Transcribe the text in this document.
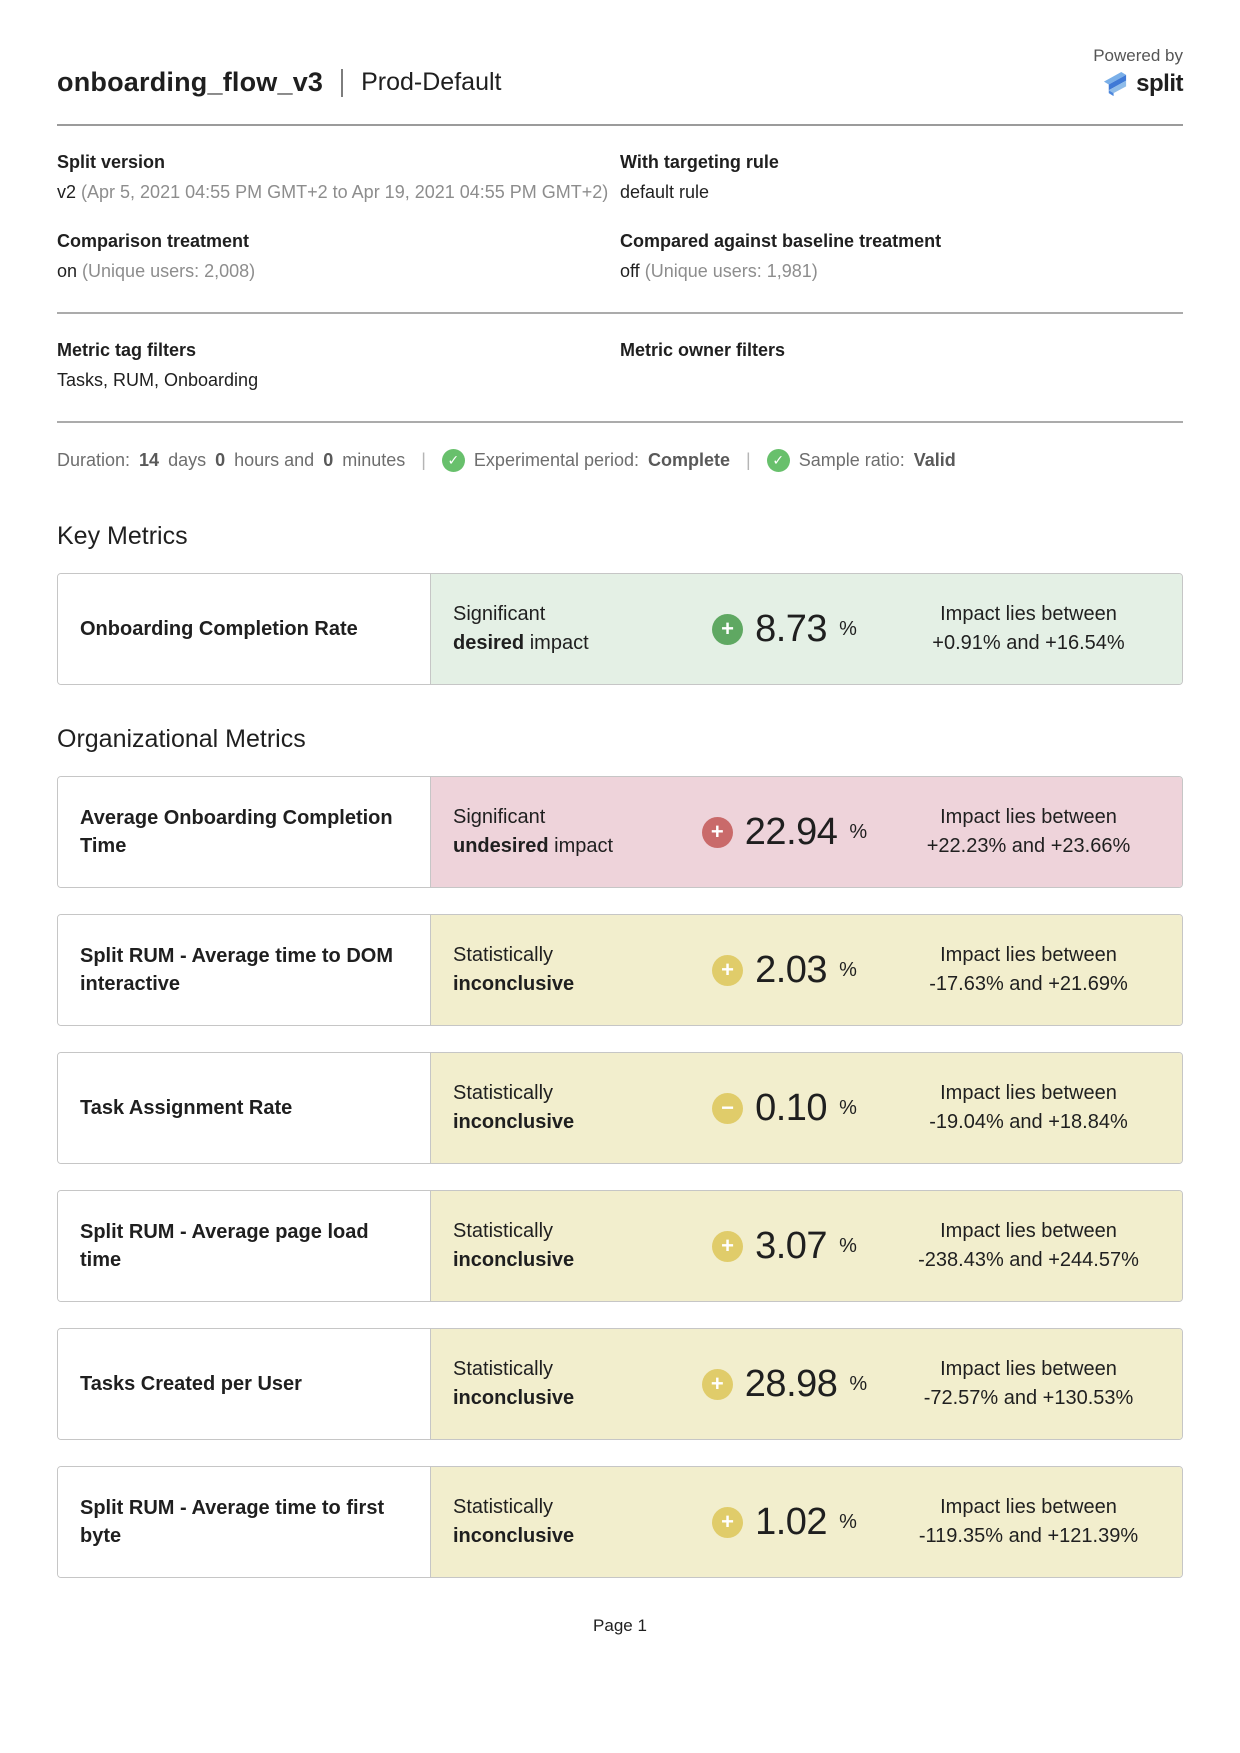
onboarding_flow_v3 Prod-Default
Powered by
split
Split version
v2 (Apr 5, 2021 04:55 PM GMT+2 to Apr 19, 2021 04:55 PM GMT+2)
With targeting rule
default rule
Comparison treatment
on (Unique users: 2,008)
Compared against baseline treatment
off (Unique users: 1,981)
Metric tag filters
Tasks, RUM, Onboarding
Metric owner filters
Duration: 14 days 0 hours and 0 minutes |	✓ Experimental period: Complete |	✓ Sample ratio: Valid
Key Metrics
Onboarding Completion Rate
Significant
desired impact
+ 8.73 %
Impact lies between
+0.91% and +16.54%
Organizational Metrics
Average Onboarding Completion Time
Significant
undesired impact
+ 22.94 %
Impact lies between
+22.23% and +23.66%
Split RUM - Average time to DOM interactive
Statistically
inconclusive
+ 2.03 %
Impact lies between
-17.63% and +21.69%
Task Assignment Rate
Statistically
inconclusive
− 0.10 %
Impact lies between
-19.04% and +18.84%
Split RUM - Average page load time
Statistically
inconclusive
+ 3.07 %
Impact lies between
-238.43% and +244.57%
Tasks Created per User
Statistically
inconclusive
+ 28.98 %
Impact lies between
-72.57% and +130.53%
Split RUM - Average time to first byte
Statistically
inconclusive
+ 1.02 %
Impact lies between
-119.35% and +121.39%
Page 1
